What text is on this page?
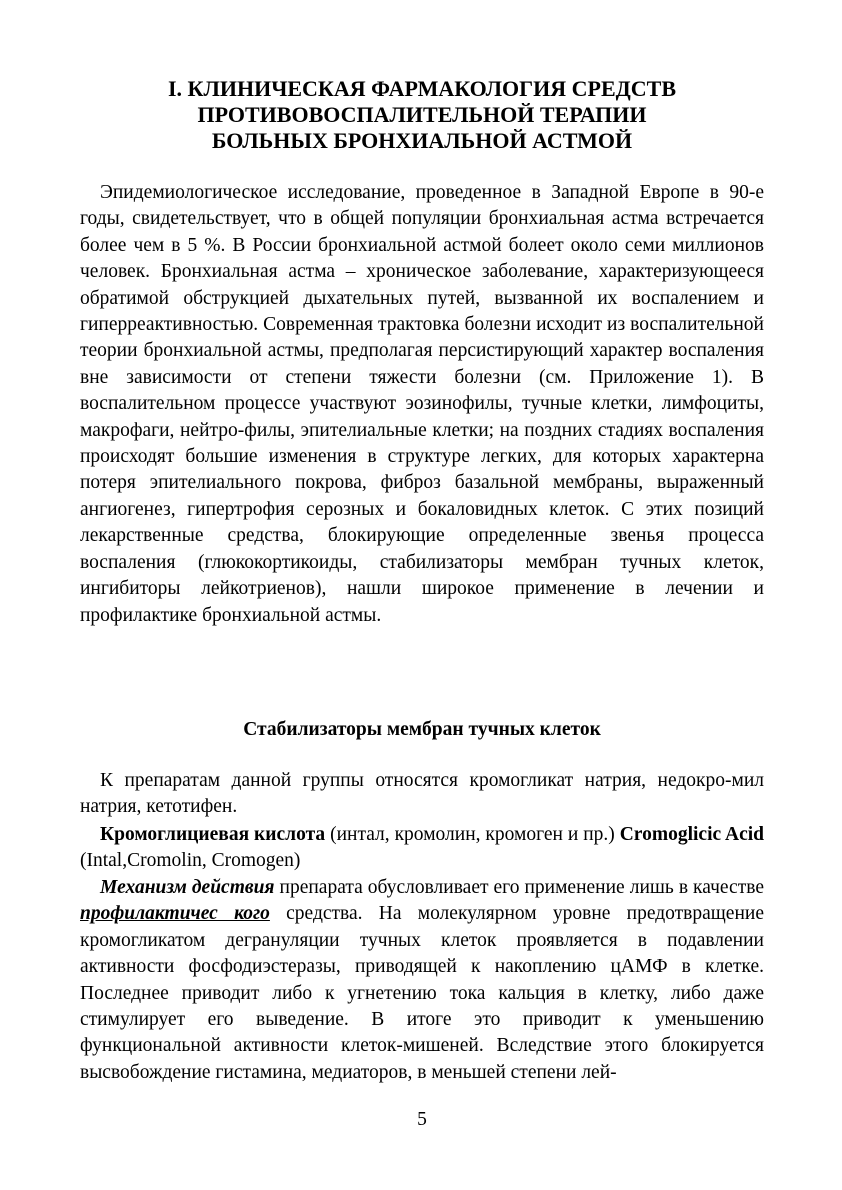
I. КЛИНИЧЕСКАЯ ФАРМАКОЛОГИЯ СРЕДСТВ
ПРОТИВОВОСПАЛИТЕЛЬНОЙ ТЕРАПИИ
БОЛЬНЫХ БРОНХИАЛЬНОЙ АСТМОЙ

Эпидемиологическое исследование, проведенное в Западной Европе в 90-е годы, свидетельствует, что в общей популяции бронхиальная астма встречается более чем в 5 %. В России бронхиальной астмой болеет около семи миллионов человек. Бронхиальная астма – хроническое заболевание, характеризующееся обратимой обструкцией дыхательных путей, вызванной их воспалением и гиперреактивностью. Современная трактовка болезни исходит из воспалительной теории бронхиальной астмы, предполагая персистирующий характер воспаления вне зависимости от степени тяжести болезни (см. Приложение 1). В воспалительном процессе участвуют эозинофилы, тучные клетки, лимфоциты, макрофаги, нейтро-филы, эпителиальные клетки; на поздних стадиях воспаления происходят большие изменения в структуре легких, для которых характерна потеря эпителиального покрова, фиброз базальной мембраны, выраженный ангиогенез, гипертрофия серозных и бокаловидных клеток. С этих позиций лекарственные средства, блокирующие определенные звенья процесса воспаления (глюкокортикоиды, стабилизаторы мембран тучных клеток, ингибиторы лейкотриенов), нашли широкое применение в лечении и профилактике бронхиальной астмы.

Стабилизаторы мембран тучных клеток

К препаратам данной группы относятся кромогликат натрия, недокро-мил натрия, кетотифен.

Кромоглициевая кислота (интал, кромолин, кромоген и пр.) Cromoglicic Acid (Intal,Cromolin, Cromogen)

Механизм действия препарата обусловливает его применение лишь в качестве профилактичес кого средства. На молекулярном уровне предотвращение кромогликатом дегрануляции тучных клеток проявляется в подавлении активности фосфодиэстеразы, приводящей к накоплению цАМФ в клетке. Последнее приводит либо к угнетению тока кальция в клетку, либо даже стимулирует его выведение. В итоге это приводит к уменьшению функциональной активности клеток-мишеней. Вследствие этого блокируется высвобождение гистамина, медиаторов, в меньшей степени лей-

5
